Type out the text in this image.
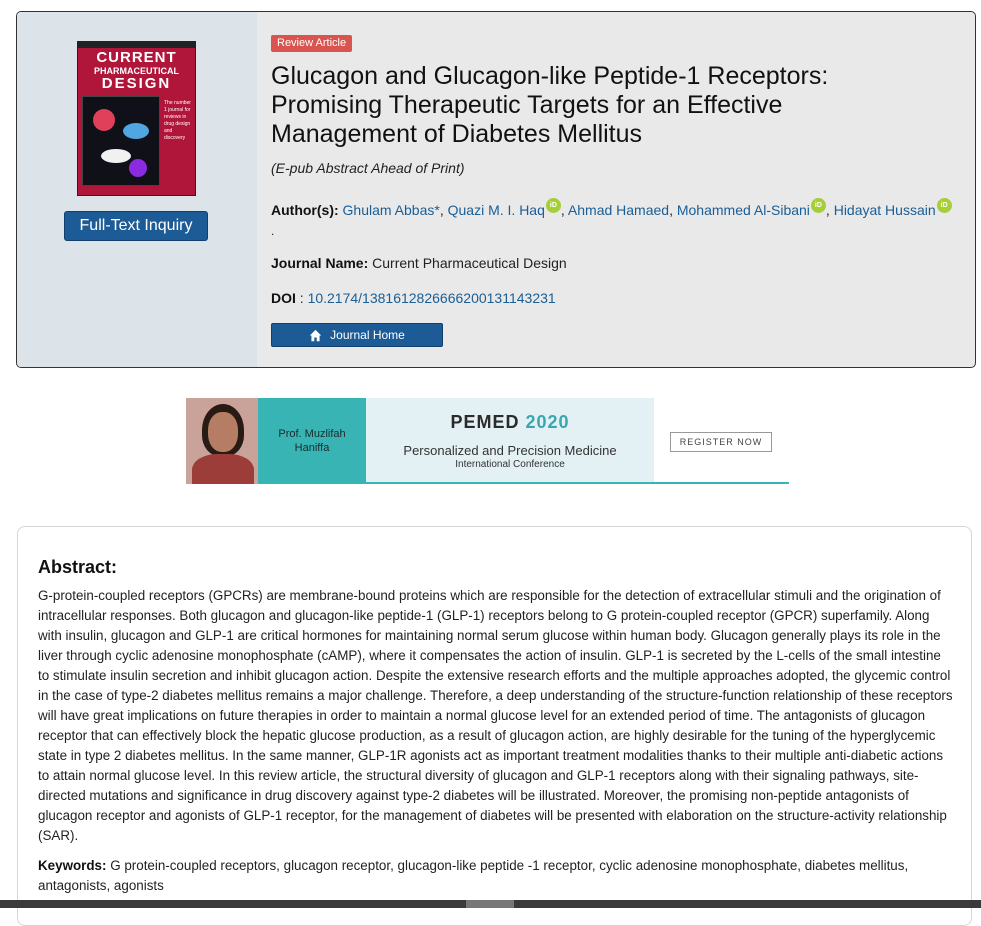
CURRENT
PHARMACEUTICAL
DESIGN
The number 1 journal for reviews in drug design and discovery
Full-Text Inquiry
Review Article
Glucagon and Glucagon-like Peptide-1 Receptors: Promising Therapeutic Targets for an Effective Management of Diabetes Mellitus
(E-pub Abstract Ahead of Print)
Author(s): Ghulam Abbas*, Quazi M. I. Haq iD , Ahmad Hamaed, Mohammed Al-Sibani iD , Hidayat Hussain iD
.
Journal Name: Current Pharmaceutical Design
DOI : 10.2174/1381612826666200131143231
Journal Home
Prof. Muzlifah Haniffa
PEMED 2020
Personalized and Precision Medicine
International Conference
REGISTER NOW
Abstract:

G-protein-coupled receptors (GPCRs) are membrane-bound proteins which are responsible for the detection of extracellular stimuli and the origination of intracellular responses. Both glucagon and glucagon-like peptide-1 (GLP-1) receptors belong to G protein-coupled receptor (GPCR) superfamily. Along with insulin, glucagon and GLP-1 are critical hormones for maintaining normal serum glucose within human body. Glucagon generally plays its role in the liver through cyclic adenosine monophosphate (cAMP), where it compensates the action of insulin. GLP-1 is secreted by the L-cells of the small intestine to stimulate insulin secretion and inhibit glucagon action. Despite the extensive research efforts and the multiple approaches adopted, the glycemic control in the case of type-2 diabetes mellitus remains a major challenge. Therefore, a deep understanding of the structure-function relationship of these receptors will have great implications on future therapies in order to maintain a normal glucose level for an extended period of time. The antagonists of glucagon receptor that can effectively block the hepatic glucose production, as a result of glucagon action, are highly desirable for the tuning of the hyperglycemic state in type 2 diabetes mellitus. In the same manner, GLP-1R agonists act as important treatment modalities thanks to their multiple anti-diabetic actions to attain normal glucose level. In this review article, the structural diversity of glucagon and GLP-1 receptors along with their signaling pathways, site-directed mutations and significance in drug discovery against type-2 diabetes will be illustrated. Moreover, the promising non-peptide antagonists of glucagon receptor and agonists of GLP-1 receptor, for the management of diabetes will be presented with elaboration on the structure-activity relationship (SAR).

Keywords: G protein-coupled receptors, glucagon receptor, glucagon-like peptide -1 receptor, cyclic adenosine monophosphate, diabetes mellitus, antagonists, agonists
